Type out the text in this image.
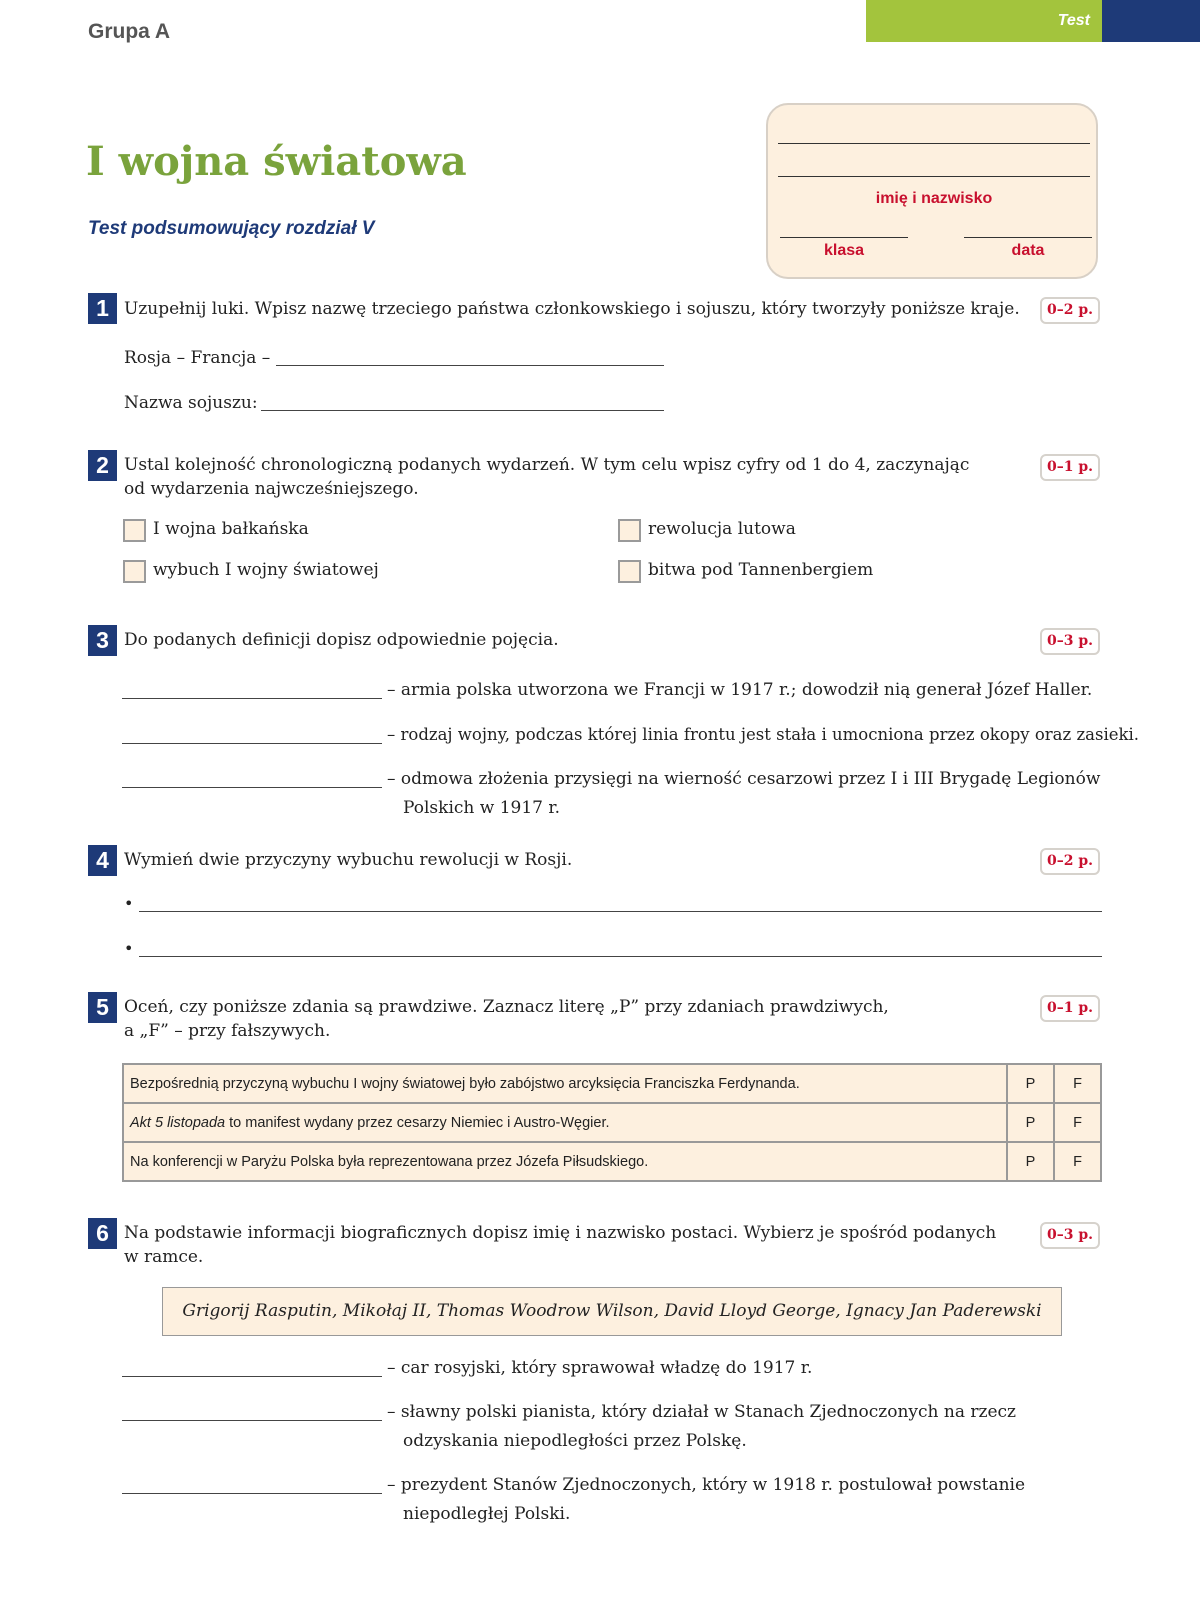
Grupa A	Test
I wojna światowa
Test podsumowujący rozdział V
imię i nazwisko
klasa	data
1 Uzupełnij luki. Wpisz nazwę trzeciego państwa członkowskiego i sojuszu, który tworzyły poniższe kraje.	0–2 p.
Rosja – Francja –
Nazwa sojuszu:
2 Ustal kolejność chronologiczną podanych wydarzeń. W tym celu wpisz cyfry od 1 do 4, zaczynając
od wydarzenia najwcześniejszego.
0–1 p.
I wojna bałkańska	rewolucja lutowa
wybuch I wojny światowej	bitwa pod Tannenbergiem
3 Do podanych definicji dopisz odpowiednie pojęcia.	0–3 p.
– armia polska utworzona we Francji w 1917 r.; dowodził nią generał Józef Haller.
– rodzaj wojny, podczas której linia frontu jest stała i umocniona przez okopy oraz zasieki.
– odmowa złożenia przysięgi na wierność cesarzowi przez I i III Brygadę Legionów
Polskich w 1917 r.
4 Wymień dwie przyczyny wybuchu rewolucji w Rosji.	0–2 p.
•
•
5 Oceń, czy poniższe zdania są prawdziwe. Zaznacz literę „P” przy zdaniach prawdziwych,
a „F” – przy fałszywych.
0–1 p.
Bezpośrednią przyczyną wybuchu I wojny światowej było zabójstwo arcyksięcia Franciszka Ferdynanda.	P	F
Akt 5 listopada to manifest wydany przez cesarzy Niemiec i Austro-Węgier.	P	F
Na konferencji w Paryżu Polska była reprezentowana przez Józefa Piłsudskiego.	P	F
6 Na podstawie informacji biograficznych dopisz imię i nazwisko postaci. Wybierz je spośród podanych
w ramce.
0–3 p.
Grigorij Rasputin, Mikołaj II, Thomas Woodrow Wilson, David Lloyd George, Ignacy Jan Paderewski
– car rosyjski, który sprawował władzę do 1917 r.
– sławny polski pianista, który działał w Stanach Zjednoczonych na rzecz
odzyskania niepodległości przez Polskę.
– prezydent Stanów Zjednoczonych, który w 1918 r. postulował powstanie
niepodległej Polski.
